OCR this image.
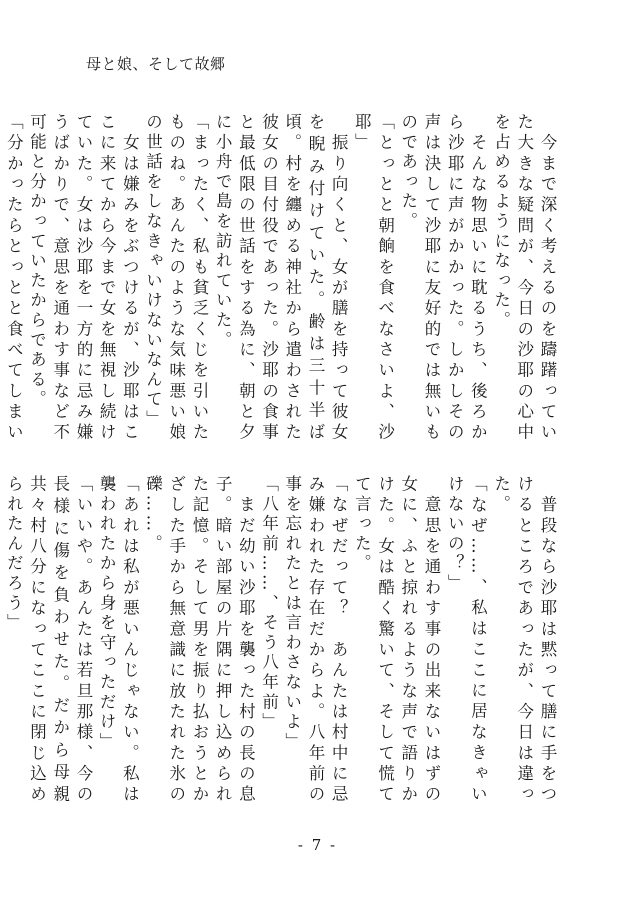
母と娘、そして故郷

　今まで深く考えるのを躊躇っていた大きな疑問が、今日の沙耶の心中を占めるようになった。

　そんな物思いに耽るうち、後ろから沙耶に声がかかった。しかしその声は決して沙耶に友好的では無いものであった。

「とっとと朝餉を食べなさいよ、沙耶」

　振り向くと、女が膳を持って彼女を睨み付けていた。齢は三十半ば頃。村を纏める神社から遣わされた彼女の目付役であった。沙耶の食事と最低限の世話をする為に、朝と夕に小舟で島を訪れていた。

「まったく、私も貧乏くじを引いたものね。あんたのような気味悪い娘の世話をしなきゃいけないなんて」

　女は嫌みをぶつけるが、沙耶はここに来てから今まで女を無視し続けていた。女は沙耶を一方的に忌み嫌うばかりで、意思を通わす事など不可能と分かっていたからである。

「分かったらとっとと食べてしまい

　普段なら沙耶は黙って膳に手をつけるところであったが、今日は違った。

「なぜ……、私はここに居なきゃいけないの？」

　意思を通わす事の出来ないはずの女に、ふと掠れるような声で語りかけた。女は酷く驚いて、そして慌てて言った。

「なぜだって？　あんたは村中に忌み嫌われた存在だからよ。八年前の事を忘れたとは言わさないよ」

「八年前……、そう八年前」

　まだ幼い沙耶を襲った村の長の息子。暗い部屋の片隅に押し込められた記憶。そして男を振り払おうとかざした手から無意識に放たれた氷の礫……。

「あれは私が悪いんじゃない。私は襲われたから身を守っただけ」

「いいや。あんたは若旦那様、今の長様に傷を負わせた。だから母親共々村八分になってここに閉じ込められたんだろう」

- 7 -
